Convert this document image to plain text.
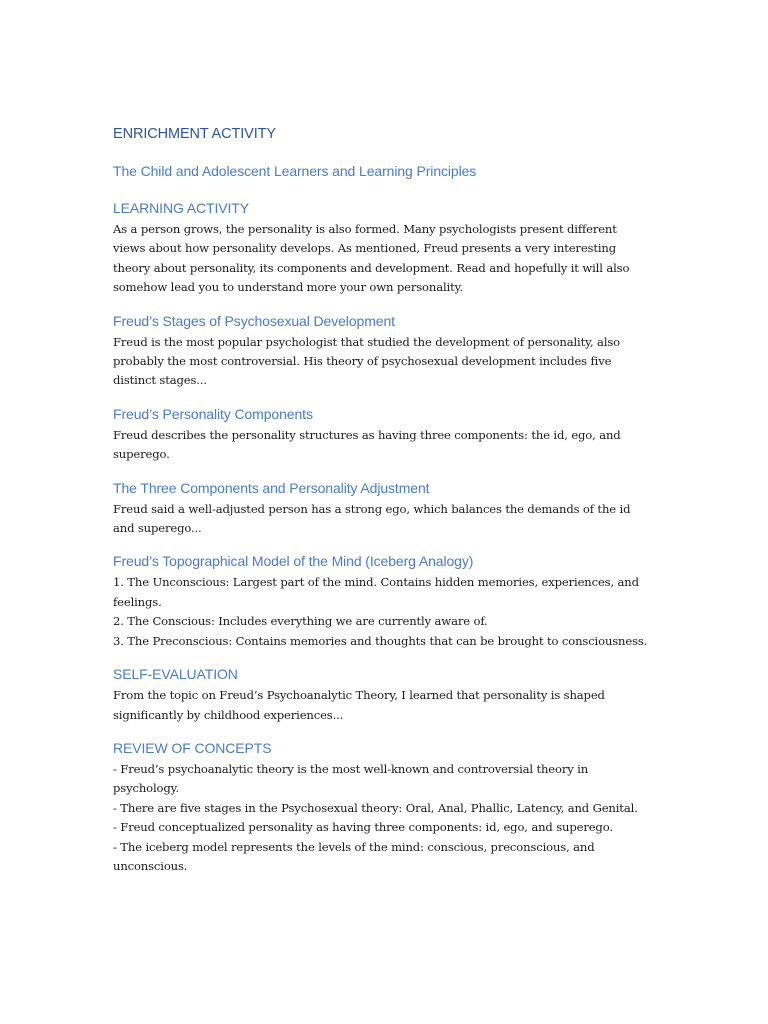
ENRICHMENT ACTIVITY
The Child and Adolescent Learners and Learning Principles
LEARNING ACTIVITY
As a person grows, the personality is also formed. Many psychologists present different
views about how personality develops. As mentioned, Freud presents a very interesting
theory about personality, its components and development. Read and hopefully it will also
somehow lead you to understand more your own personality.
Freud’s Stages of Psychosexual Development
Freud is the most popular psychologist that studied the development of personality, also
probably the most controversial. His theory of psychosexual development includes five
distinct stages...
Freud’s Personality Components
Freud describes the personality structures as having three components: the id, ego, and
superego.
The Three Components and Personality Adjustment
Freud said a well-adjusted person has a strong ego, which balances the demands of the id
and superego...
Freud’s Topographical Model of the Mind (Iceberg Analogy)
1. The Unconscious: Largest part of the mind. Contains hidden memories, experiences, and
feelings.
2. The Conscious: Includes everything we are currently aware of.
3. The Preconscious: Contains memories and thoughts that can be brought to consciousness.
SELF-EVALUATION
From the topic on Freud’s Psychoanalytic Theory, I learned that personality is shaped
significantly by childhood experiences...
REVIEW OF CONCEPTS
- Freud’s psychoanalytic theory is the most well-known and controversial theory in
psychology.
- There are five stages in the Psychosexual theory: Oral, Anal, Phallic, Latency, and Genital.
- Freud conceptualized personality as having three components: id, ego, and superego.
- The iceberg model represents the levels of the mind: conscious, preconscious, and
unconscious.
